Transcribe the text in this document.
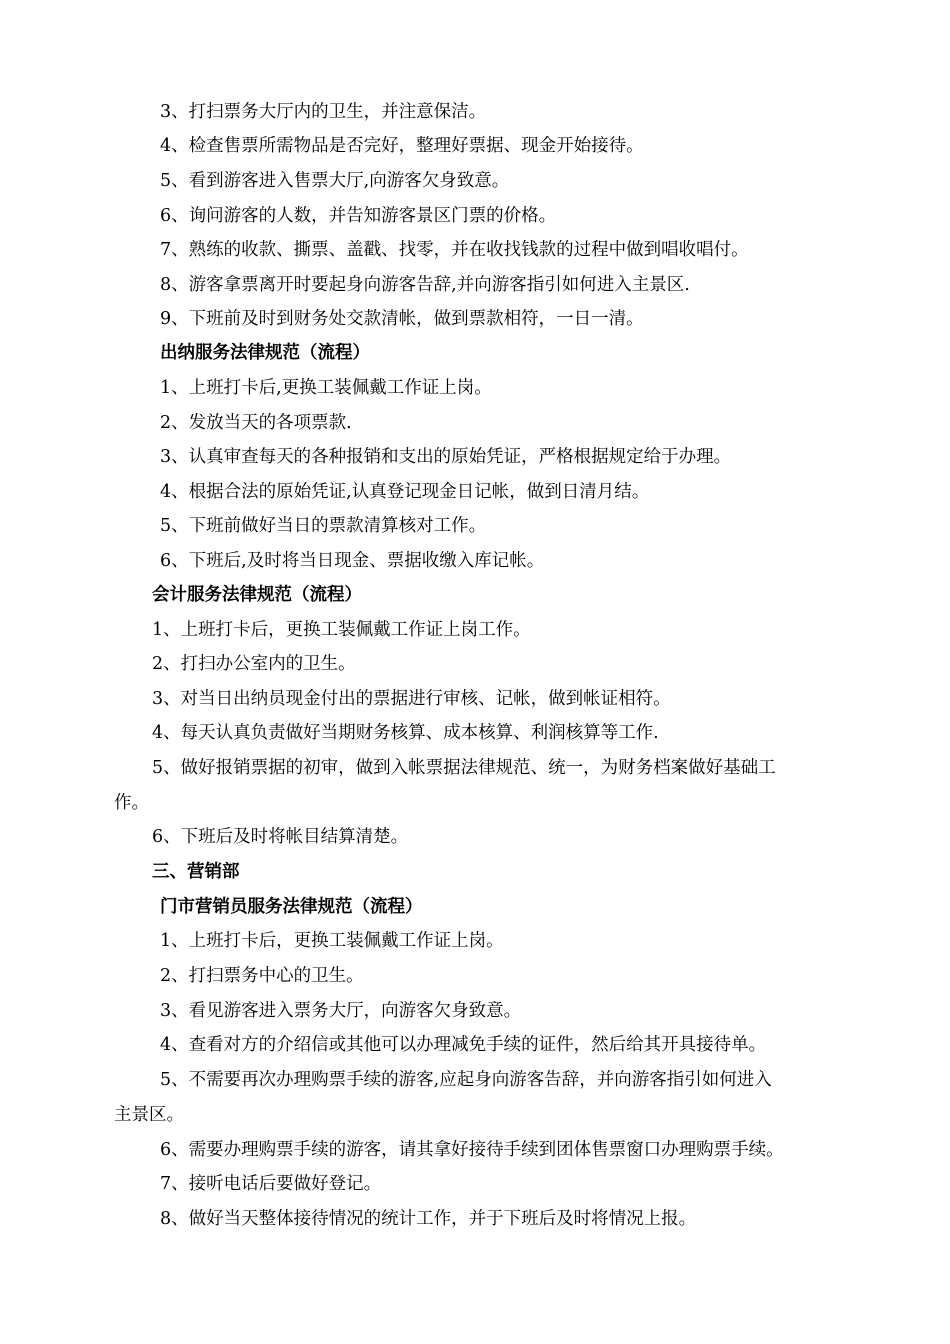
3、打扫票务大厅内的卫生，并注意保洁。

4、检查售票所需物品是否完好，整理好票据、现金开始接待。

5、看到游客进入售票大厅,向游客欠身致意。

6、询问游客的人数，并告知游客景区门票的价格。

7、熟练的收款、撕票、盖戳、找零，并在收找钱款的过程中做到唱收唱付。

8、游客拿票离开时要起身向游客告辞,并向游客指引如何进入主景区.

9、下班前及时到财务处交款清帐，做到票款相符，一日一清。

出纳服务法律规范（流程）

1、上班打卡后,更换工装佩戴工作证上岗。

2、发放当天的各项票款.

3、认真审查每天的各种报销和支出的原始凭证，严格根据规定给于办理。

4、根据合法的原始凭证,认真登记现金日记帐，做到日清月结。

5、下班前做好当日的票款清算核对工作。

6、下班后,及时将当日现金、票据收缴入库记帐。

会计服务法律规范（流程）

1、上班打卡后，更换工装佩戴工作证上岗工作。

2、打扫办公室内的卫生。

3、对当日出纳员现金付出的票据进行审核、记帐，做到帐证相符。

4、每天认真负责做好当期财务核算、成本核算、利润核算等工作.

5、做好报销票据的初审，做到入帐票据法律规范、统一，为财务档案做好基础工

作。

6、下班后及时将帐目结算清楚。

三、营销部

门市营销员服务法律规范（流程）

1、上班打卡后，更换工装佩戴工作证上岗。

2、打扫票务中心的卫生。

3、看见游客进入票务大厅，向游客欠身致意。

4、查看对方的介绍信或其他可以办理减免手续的证件，然后给其开具接待单。

5、不需要再次办理购票手续的游客,应起身向游客告辞，并向游客指引如何进入

主景区。

6、需要办理购票手续的游客，请其拿好接待手续到团体售票窗口办理购票手续。

7、接听电话后要做好登记。

8、做好当天整体接待情况的统计工作，并于下班后及时将情况上报。
